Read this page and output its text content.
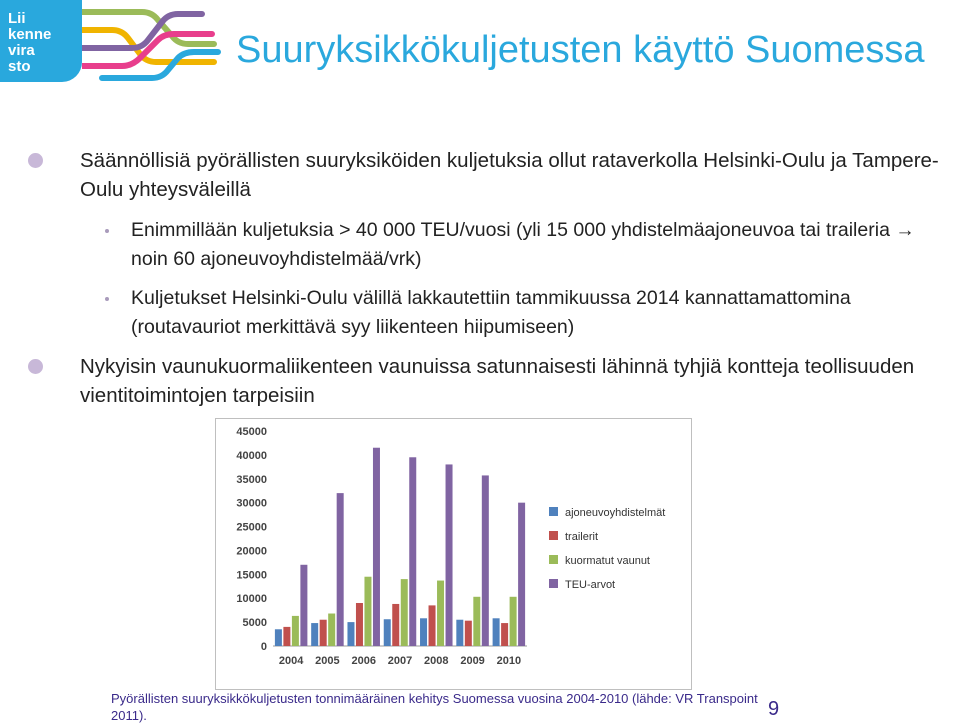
Lii
kenne
vira
sto	Suuryksikkökuljetusten käyttö Suomessa
Säännöllisiä pyörällisten suuryksiköiden kuljetuksia ollut rataverkolla Helsinki-Oulu ja Tampere-Oulu yhteysväleillä
Enimmillään kuljetuksia > 40 000 TEU/vuosi (yli 15 000 yhdistelmäajoneuvoa tai traileria → noin 60 ajoneuvoyhdistelmää/vrk)
Kuljetukset Helsinki-Oulu välillä lakkautettiin tammikuussa 2014 kannattamattomina (routavauriot merkittävä syy liikenteen hiipumiseen)
Nykyisin vaunukuormaliikenteen vaunuissa satunnaisesti lähinnä tyhjiä kontteja teollisuuden vientitoimintojen tarpeisiin
0
5000
10000
15000
20000
25000
30000
35000
40000
45000
2004 2005 2006 2007 2008 2009 2010
ajoneuvoyhdistelmät
trailerit
kuormatut vaunut
TEU-arvot
Pyörällisten suuryksikkökuljetusten tonnimääräinen kehitys Suomessa vuosina 2004-2010 (lähde: VR Transpoint 2011).	9
